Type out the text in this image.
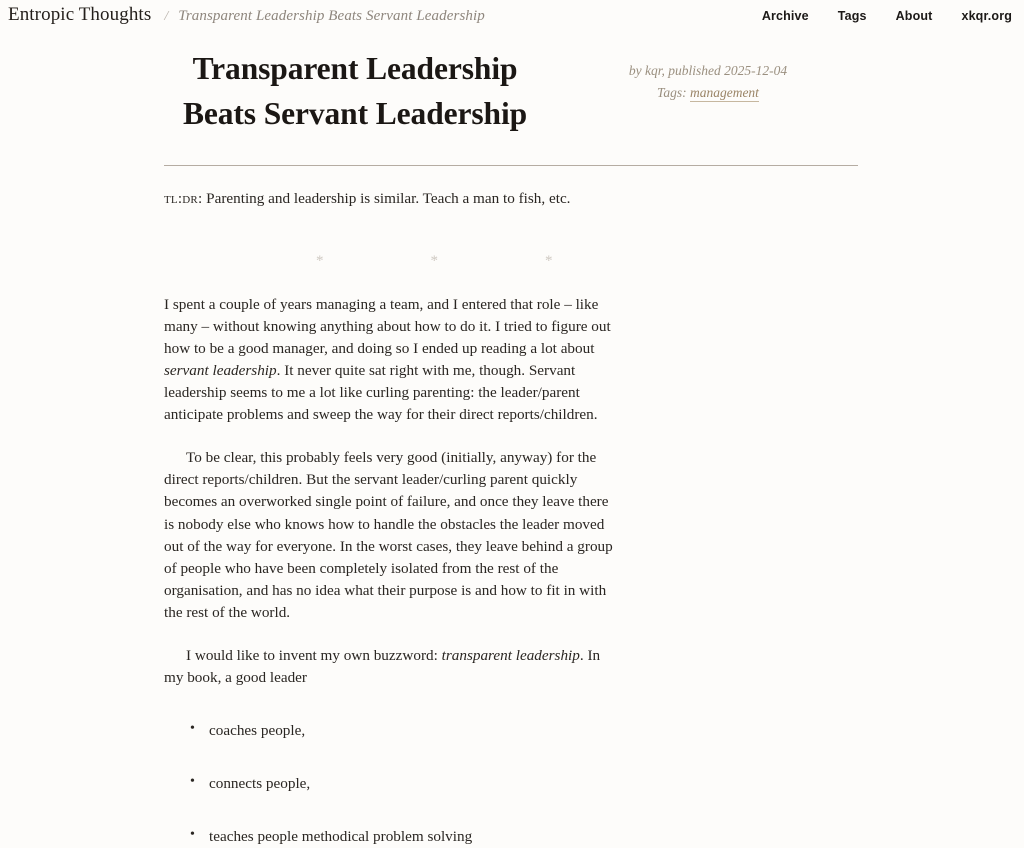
Entropic Thoughts / Transparent Leadership Beats Servant Leadership	Archive Tags About xkqr.org
Transparent Leadership
Beats Servant Leadership
by kqr, published 2025-12-04
Tags: management

tl:dr: Parenting and leadership is similar. Teach a man to fish, etc.

* * *

I spent a couple of years managing a team, and I entered that role – like many – without knowing anything about how to do it. I tried to figure out how to be a good manager, and doing so I ended up reading a lot about servant leadership. It never quite sat right with me, though. Servant leadership seems to me a lot like curling parenting: the leader/parent anticipate problems and sweep the way for their direct reports/children.

To be clear, this probably feels very good (initially, anyway) for the direct reports/children. But the servant leader/curling parent quickly becomes an overworked single point of failure, and once they leave there is nobody else who knows how to handle the obstacles the leader moved out of the way for everyone. In the worst cases, they leave behind a group of people who have been completely isolated from the rest of the organisation, and has no idea what their purpose is and how to fit in with the rest of the world.

I would like to invent my own buzzword: transparent leadership. In my book, a good leader

• coaches people,
• connects people,
• teaches people methodical problem solving
